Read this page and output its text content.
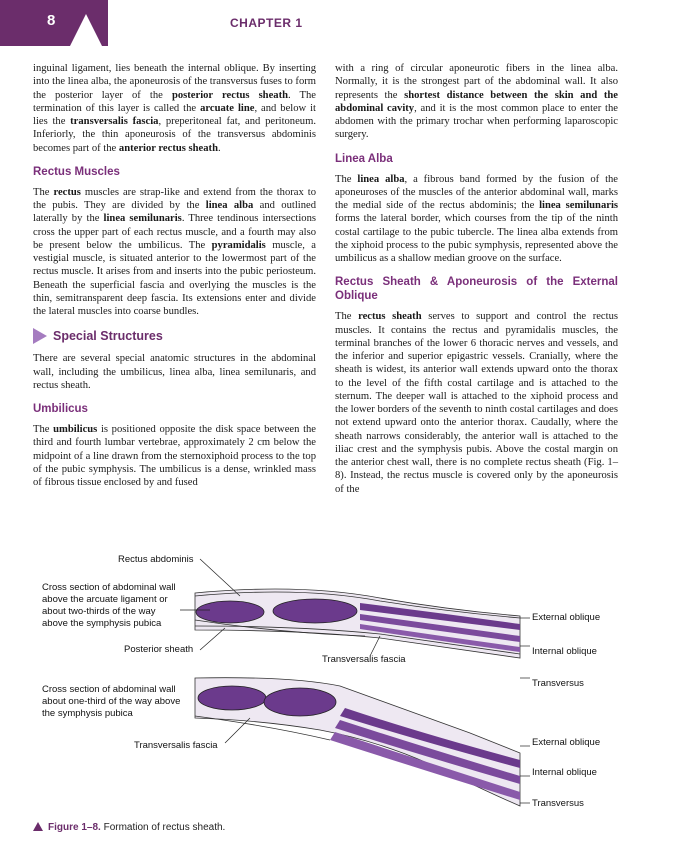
8	CHAPTER 1

inguinal ligament, lies beneath the internal oblique. By inserting into the linea alba, the aponeurosis of the transversus fuses to form the posterior layer of the posterior rectus sheath. The termination of this layer is called the arcuate line, and below it lies the transversalis fascia, preperitoneal fat, and peritoneum. Inferiorly, the thin aponeurosis of the transversus abdominis becomes part of the anterior rectus sheath.

Rectus Muscles

The rectus muscles are strap-like and extend from the thorax to the pubis. They are divided by the linea alba and outlined laterally by the linea semilunaris. Three tendinous intersections cross the upper part of each rectus muscle, and a fourth may also be present below the umbilicus. The pyramidalis muscle, a vestigial muscle, is situated anterior to the lowermost part of the rectus muscle. It arises from and inserts into the pubic periosteum. Beneath the superficial fascia and overlying the muscles is the thin, semitransparent deep fascia. Its extensions enter and divide the lateral muscles into coarse bundles.

Special Structures

There are several special anatomic structures in the abdominal wall, including the umbilicus, linea alba, linea semilunaris, and rectus sheath.

Umbilicus

The umbilicus is positioned opposite the disk space between the third and fourth lumbar vertebrae, approximately 2 cm below the midpoint of a line drawn from the sternoxiphoid process to the top of the pubic symphysis. The umbilicus is a dense, wrinkled mass of fibrous tissue enclosed by and fused

with a ring of circular aponeurotic fibers in the linea alba. Normally, it is the strongest part of the abdominal wall. It also represents the shortest distance between the skin and the abdominal cavity, and it is the most common place to enter the abdomen with the primary trochar when performing laparoscopic surgery.

Linea Alba

The linea alba, a fibrous band formed by the fusion of the aponeuroses of the muscles of the anterior abdominal wall, marks the medial side of the rectus abdominis; the linea semilunaris forms the lateral border, which courses from the tip of the ninth costal cartilage to the pubic tubercle. The linea alba extends from the xiphoid process to the pubic symphysis, represented above the umbilicus as a shallow median groove on the surface.

Rectus Sheath & Aponeurosis of the External Oblique

The rectus sheath serves to support and control the rectus muscles. It contains the rectus and pyramidalis muscles, the terminal branches of the lower 6 thoracic nerves and vessels, and the inferior and superior epigastric vessels. Cranially, where the sheath is widest, its anterior wall extends upward onto the thorax to the level of the fifth costal cartilage and is attached to the sternum. The deeper wall is attached to the xiphoid process and the lower borders of the seventh to ninth costal cartilages and does not extend upward onto the anterior thorax. Caudally, where the sheath narrows considerably, the anterior wall is attached to the iliac crest and the symphysis pubis. Above the costal margin on the anterior chest wall, there is no complete rectus sheath (Fig. 1–8). Instead, the rectus muscle is covered only by the aponeurosis of the

Rectus abdominis
Cross section of abdominal wall
above the arcuate ligament or
about two-thirds of the way
above the symphysis pubica
Posterior sheath
Transversalis fascia
External oblique
Internal oblique
Transversus
Cross section of abdominal wall
about one-third of the way above
the symphysis pubica
Transversalis fascia	External oblique
Internal oblique
Transversus
Figure 1–8. Formation of rectus sheath.
